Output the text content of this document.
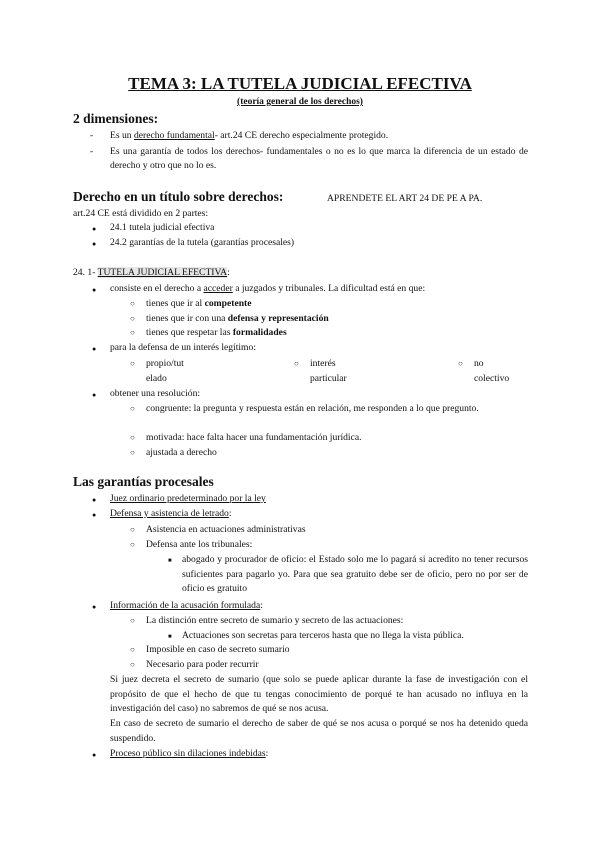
TEMA 3: LA TUTELA JUDICIAL EFECTIVA
(teoría general de los derechos)
2 dimensiones:
- Es un derecho fundamental- art.24 CE derecho especialmente protegido.
- Es una garantía de todos los derechos- fundamentales o no es lo que marca la diferencia de un estado de derecho y otro que no lo es.
Derecho en un título sobre derechos:	APRENDETE EL ART 24 DE PE A PA.
art.24 CE está dividido en 2 partes:
● 24.1 tutela judicial efectiva
● 24.2 garantías de la tutela (garantías procesales)
24. 1- TUTELA JUDICIAL EFECTIVA:
● consiste en el derecho a acceder a juzgados y tribunales. La dificultad está en que:
○ tienes que ir al competente
○ tienes que ir con una defensa y representación
○ tienes que respetar las formalidades
● para la defensa de un interés legítimo:
○ propio/tut
elado
○ interés
particular
○ no
colectivo
● obtener una resolución:
○ congruente: la pregunta y respuesta están en relación, me responden a lo que pregunto.
○ motivada: hace falta hacer una fundamentación jurídica.
○ ajustada a derecho
Las garantías procesales
● Juez ordinario predeterminado por la ley
● Defensa y asistencia de letrado:
○ Asistencia en actuaciones administrativas
○ Defensa ante los tribunales:
■ abogado y procurador de oficio: el Estado solo me lo pagará si acredito no tener recursos suficientes para pagarlo yo. Para que sea gratuito debe ser de oficio, pero no por ser de oficio es gratuito
● Información de la acusación formulada:
○ La distinción entre secreto de sumario y secreto de las actuaciones:
■ Actuaciones son secretas para terceros hasta que no llega la vista pública.
○ Imposible en caso de secreto sumario
○ Necesario para poder recurrir
Si juez decreta el secreto de sumario (que solo se puede aplicar durante la fase de investigación con el propósito de que el hecho de que tu tengas conocimiento de porqué te han acusado no influya en la investigación del caso) no sabremos de qué se nos acusa.
En caso de secreto de sumario el derecho de saber de qué se nos acusa o porqué se nos ha detenido queda suspendido.
● Proceso público sin dilaciones indebidas:
